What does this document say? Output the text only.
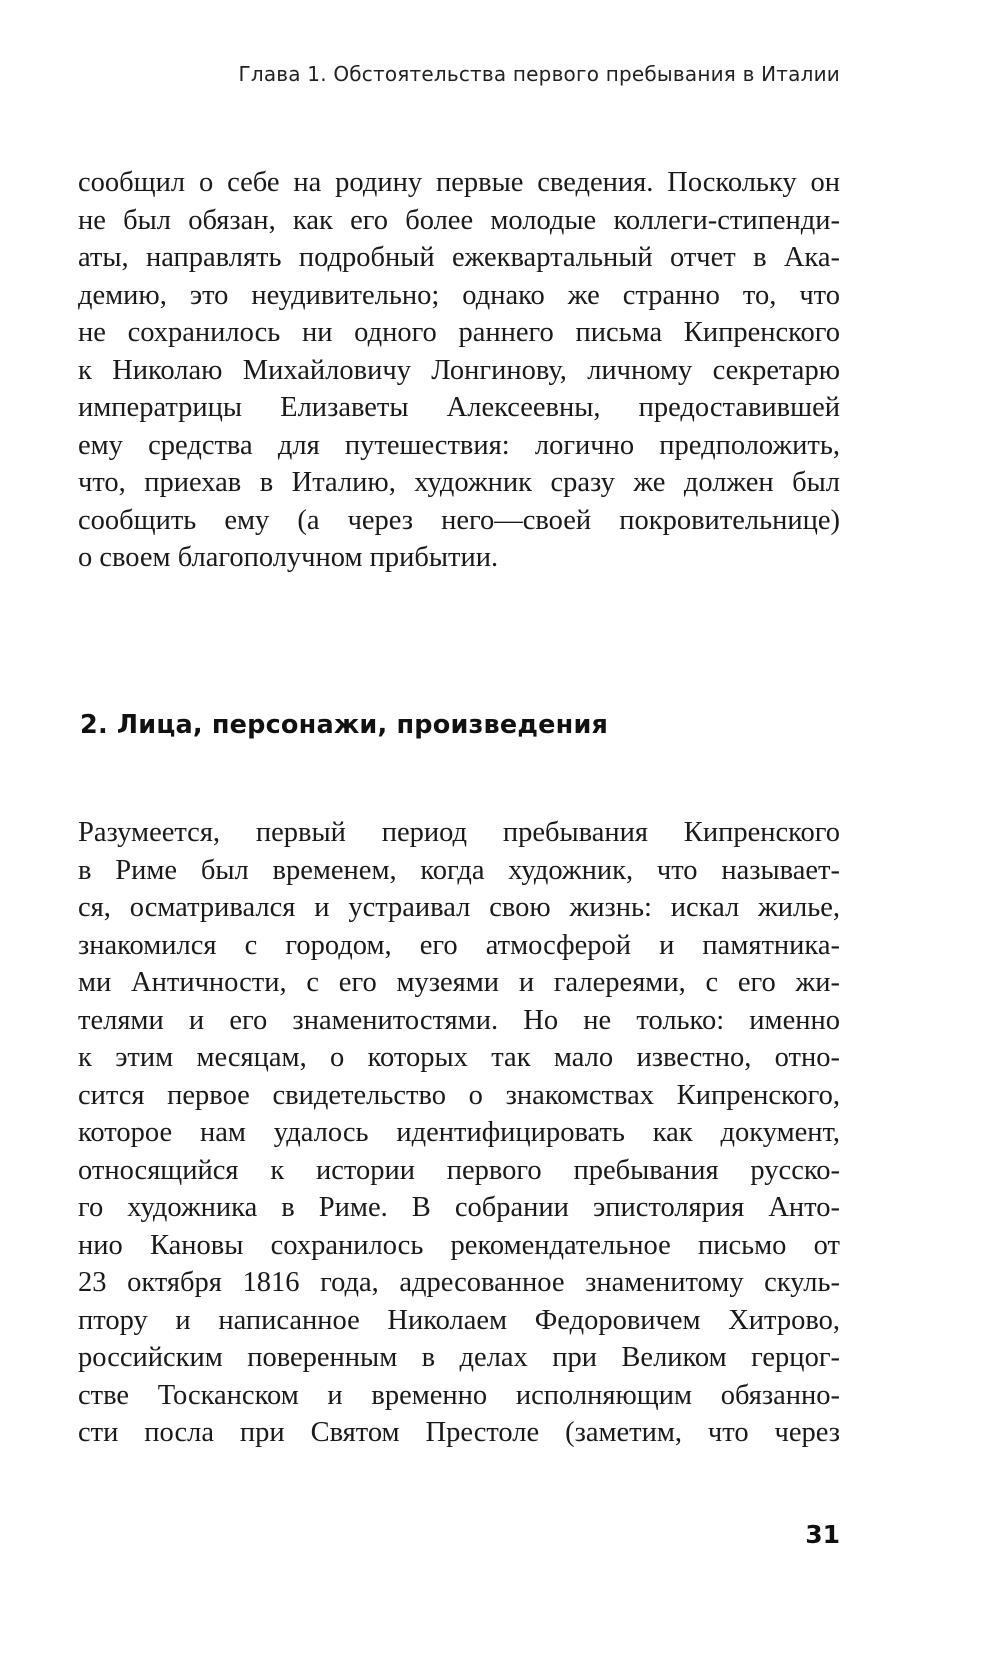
Глава 1. Обстоятельства первого пребывания в Италии
сообщил о себе на родину первые сведения. Поскольку он
не был обязан, как его более молодые коллеги-стипенди-
аты, направлять подробный ежеквартальный отчет в Ака-
демию, это неудивительно; однако же странно то, что
не сохранилось ни одного раннего письма Кипренского
к Николаю Михайловичу Лонгинову, личному секретарю
императрицы Елизаветы Алексеевны, предоставившей
ему средства для путешествия: логично предположить,
что, приехав в Италию, художник сразу же должен был
сообщить ему (а через него—своей покровительнице)
о своем благополучном прибытии.
2. Лица, персонажи, произведения
Разумеется, первый период пребывания Кипренского
в Риме был временем, когда художник, что называет-
ся, осматривался и устраивал свою жизнь: искал жилье,
знакомился с городом, его атмосферой и памятника-
ми Античности, с его музеями и галереями, с его жи-
телями и его знаменитостями. Но не только: именно
к этим месяцам, о которых так мало известно, отно-
сится первое свидетельство о знакомствах Кипренского,
которое нам удалось идентифицировать как документ,
относящийся к истории первого пребывания русско-
го художника в Риме. В собрании эпистолярия Анто-
нио Кановы сохранилось рекомендательное письмо от
23 октября 1816 года, адресованное знаменитому скуль-
птору и написанное Николаем Федоровичем Хитрово,
российским поверенным в делах при Великом герцог-
стве Тосканском и временно исполняющим обязанно-
сти посла при Святом Престоле (заметим, что через
31
